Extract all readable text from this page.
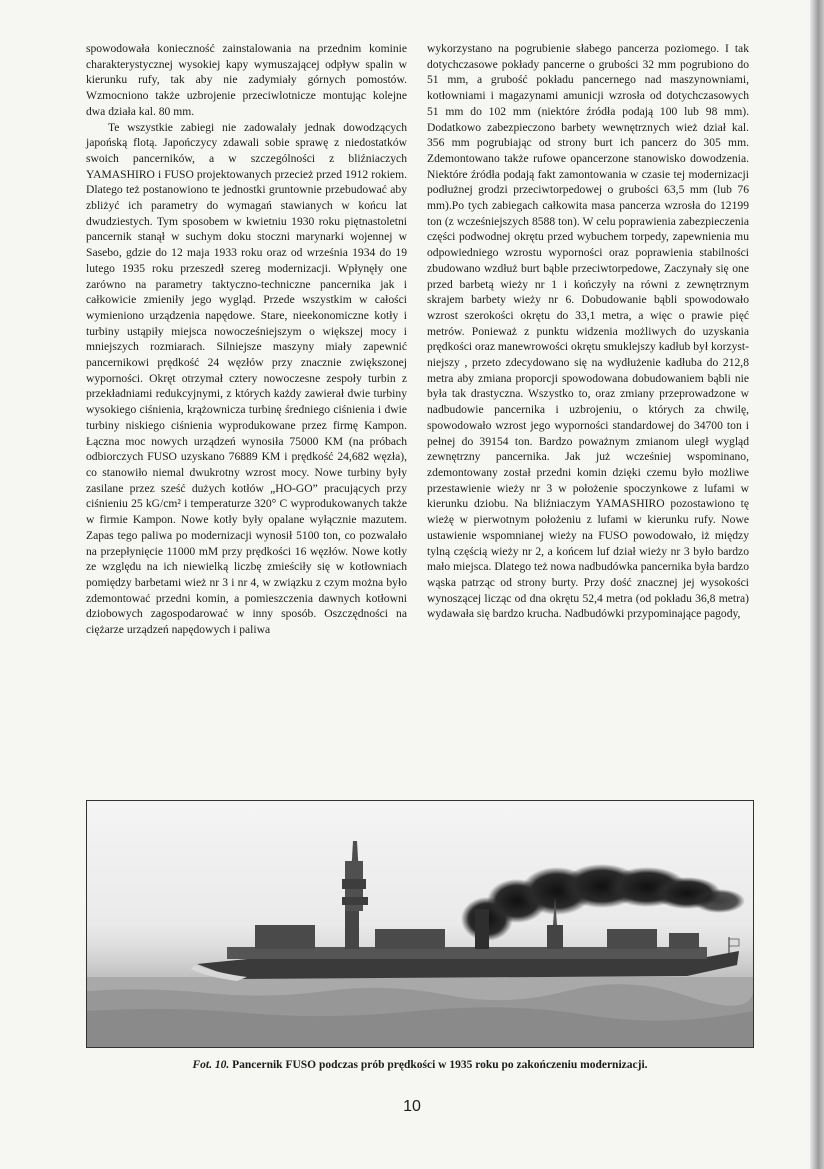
spowodowała konieczność zainstalowania na przednim kominie charakterystycznej wysokiej kapy wymuszającej odpływ spalin w kierunku rufy, tak aby nie zadymiały górnych pomostów. Wzmocniono także uzbrojenie przeciwlotnicze montując kolejne dwa działa kal. 80 mm.

Te wszystkie zabiegi nie zadowalały jednak dowodzących japońską flotą. Japończycy zdawali sobie sprawę z niedostatków swoich pancerników, a w szczególności z bliźniaczych YAMASHIRO i FUSO projektowanych przecież przed 1912 rokiem. Dlatego też postanowiono te jednostki gruntownie przebudować aby zbliżyć ich parametry do wymagań stawianych w końcu lat dwudziestych. Tym sposobem w kwietniu 1930 roku piętnastoletni pancernik stanął w suchym doku stoczni marynarki wojennej w Sasebo, gdzie do 12 maja 1933 roku oraz od września 1934 do 19 lutego 1935 roku przeszedł szereg modernizacji. Wpłynęły one zarówno na parametry taktyczno-techniczne pancernika jak i całkowicie zmieniły jego wygląd. Przede wszystkim w całości wymieniono urządzenia napędowe. Stare, nieekonomiczne kotły i turbiny ustąpiły miejsca nowocześniejszym o większej mocy i mniejszych rozmiarach. Silniejsze maszyny miały zapewnić pancernikowi prędkość 24 węzłów przy znacznie zwiększonej wyporności. Okręt otrzymał cztery nowoczesne zespoły turbin z przekładniami redukcyjnymi, z których każdy zawierał dwie turbiny wysokiego ciśnienia, krążownicza turbinę średniego ciśnienia i dwie turbiny niskiego ciśnienia wyprodukowane przez firmę Kampon. Łączna moc nowych urządzeń wynosiła 75000 KM (na próbach odbiorczych FUSO uzyskano 76889 KM i prędkość 24,682 węzła), co stanowiło niemal dwukrotny wzrost mocy. Nowe turbiny były zasilane przez sześć dużych kotłów „HO-GO” pracujących przy ciśnieniu 25 kG/cm² i temperaturze 320° C wyprodukowanych także w firmie Kampon. Nowe kotły były opalane wyłącznie mazutem. Zapas tego paliwa po modernizacji wynosił 5100 ton, co pozwalało na przepłynięcie 11000 mM przy prędkości 16 węzłów. Nowe kotły ze względu na ich niewielką liczbę zmieściły się w kotłowniach pomiędzy barbetami wież nr 3 i nr 4, w związku z czym można było zdemontować przedni komin, a pomieszczenia dawnych kotłowni dziobowych zagospodarować w inny sposób. Oszczędności na ciężarze urządzeń napędowych i paliwa

wykorzystano na pogrubienie słabego pancerza poziomego. I tak dotychczasowe pokłady pancerne o grubości 32 mm pogrubiono do 51 mm, a grubość pokładu pancernego nad maszynowniami, kotłowniami i magazynami amunicji wzrosła od dotychczasowych 51 mm do 102 mm (niektóre źródła podają 100 lub 98 mm). Dodatkowo zabezpieczono barbety wewnętrznych wież dział kal. 356 mm pogrubiając od strony burt ich pancerz do 305 mm. Zdemontowano także rufowe opancerzone stanowisko dowodzenia. Niektóre źródła podają fakt zamontowania w czasie tej modernizacji podłużnej grodzi przeciwtorpedowej o grubości 63,5 mm (lub 76 mm).Po tych zabiegach całkowita masa pancerza wzrosła do 12199 ton (z wcześniejszych 8588 ton). W celu poprawienia zabezpieczenia części podwodnej okrętu przed wybuchem torpedy, zapewnienia mu odpowiedniego wzrostu wyporności oraz poprawienia stabilności zbudowano wzdłuż burt bąble przeciwtorpedowe, Zaczynały się one przed barbetą wieży nr 1 i kończyły na równi z zewnętrznym skrajem barbety wieży nr 6. Dobudowanie bąbli spowodowało wzrost szerokości okrętu do 33,1 metra, a więc o prawie pięć metrów. Ponieważ z punktu widzenia możliwych do uzyskania prędkości oraz manewrowości okrętu smuklejszy kadłub był korzystniejszy , przeto zdecydowano się na wydłużenie kadłuba do 212,8 metra aby zmiana proporcji spowodowana dobudowaniem bąbli nie była tak drastyczna. Wszystko to, oraz zmiany przeprowadzone w nadbudowie pancernika i uzbrojeniu, o których za chwilę, spowodowało wzrost jego wyporności standardowej do 34700 ton i pełnej do 39154 ton. Bardzo poważnym zmianom uległ wygląd zewnętrzny pancernika. Jak już wcześniej wspominano, zdemontowany został przedni komin dzięki czemu było możliwe przestawienie wieży nr 3 w położenie spoczynkowe z lufami w kierunku dziobu. Na bliźniaczym YAMASHIRO pozostawiono tę wieżę w pierwotnym położeniu z lufami w kierunku rufy. Nowe ustawienie wspomnianej wieży na FUSO powodowało, iż między tylną częścią wieży nr 2, a końcem luf dział wieży nr 3 było bardzo mało miejsca. Dlatego też nowa nadbudówka pancernika była bardzo wąska patrząc od strony burty. Przy dość znacznej jej wysokości wynoszącej licząc od dna okrętu 52,4 metra (od pokładu 36,8 metra) wydawała się bardzo krucha. Nadbudówki przypominające pagody,

Fot. 10. Pancernik FUSO podczas prób prędkości w 1935 roku po zakończeniu modernizacji.
10
